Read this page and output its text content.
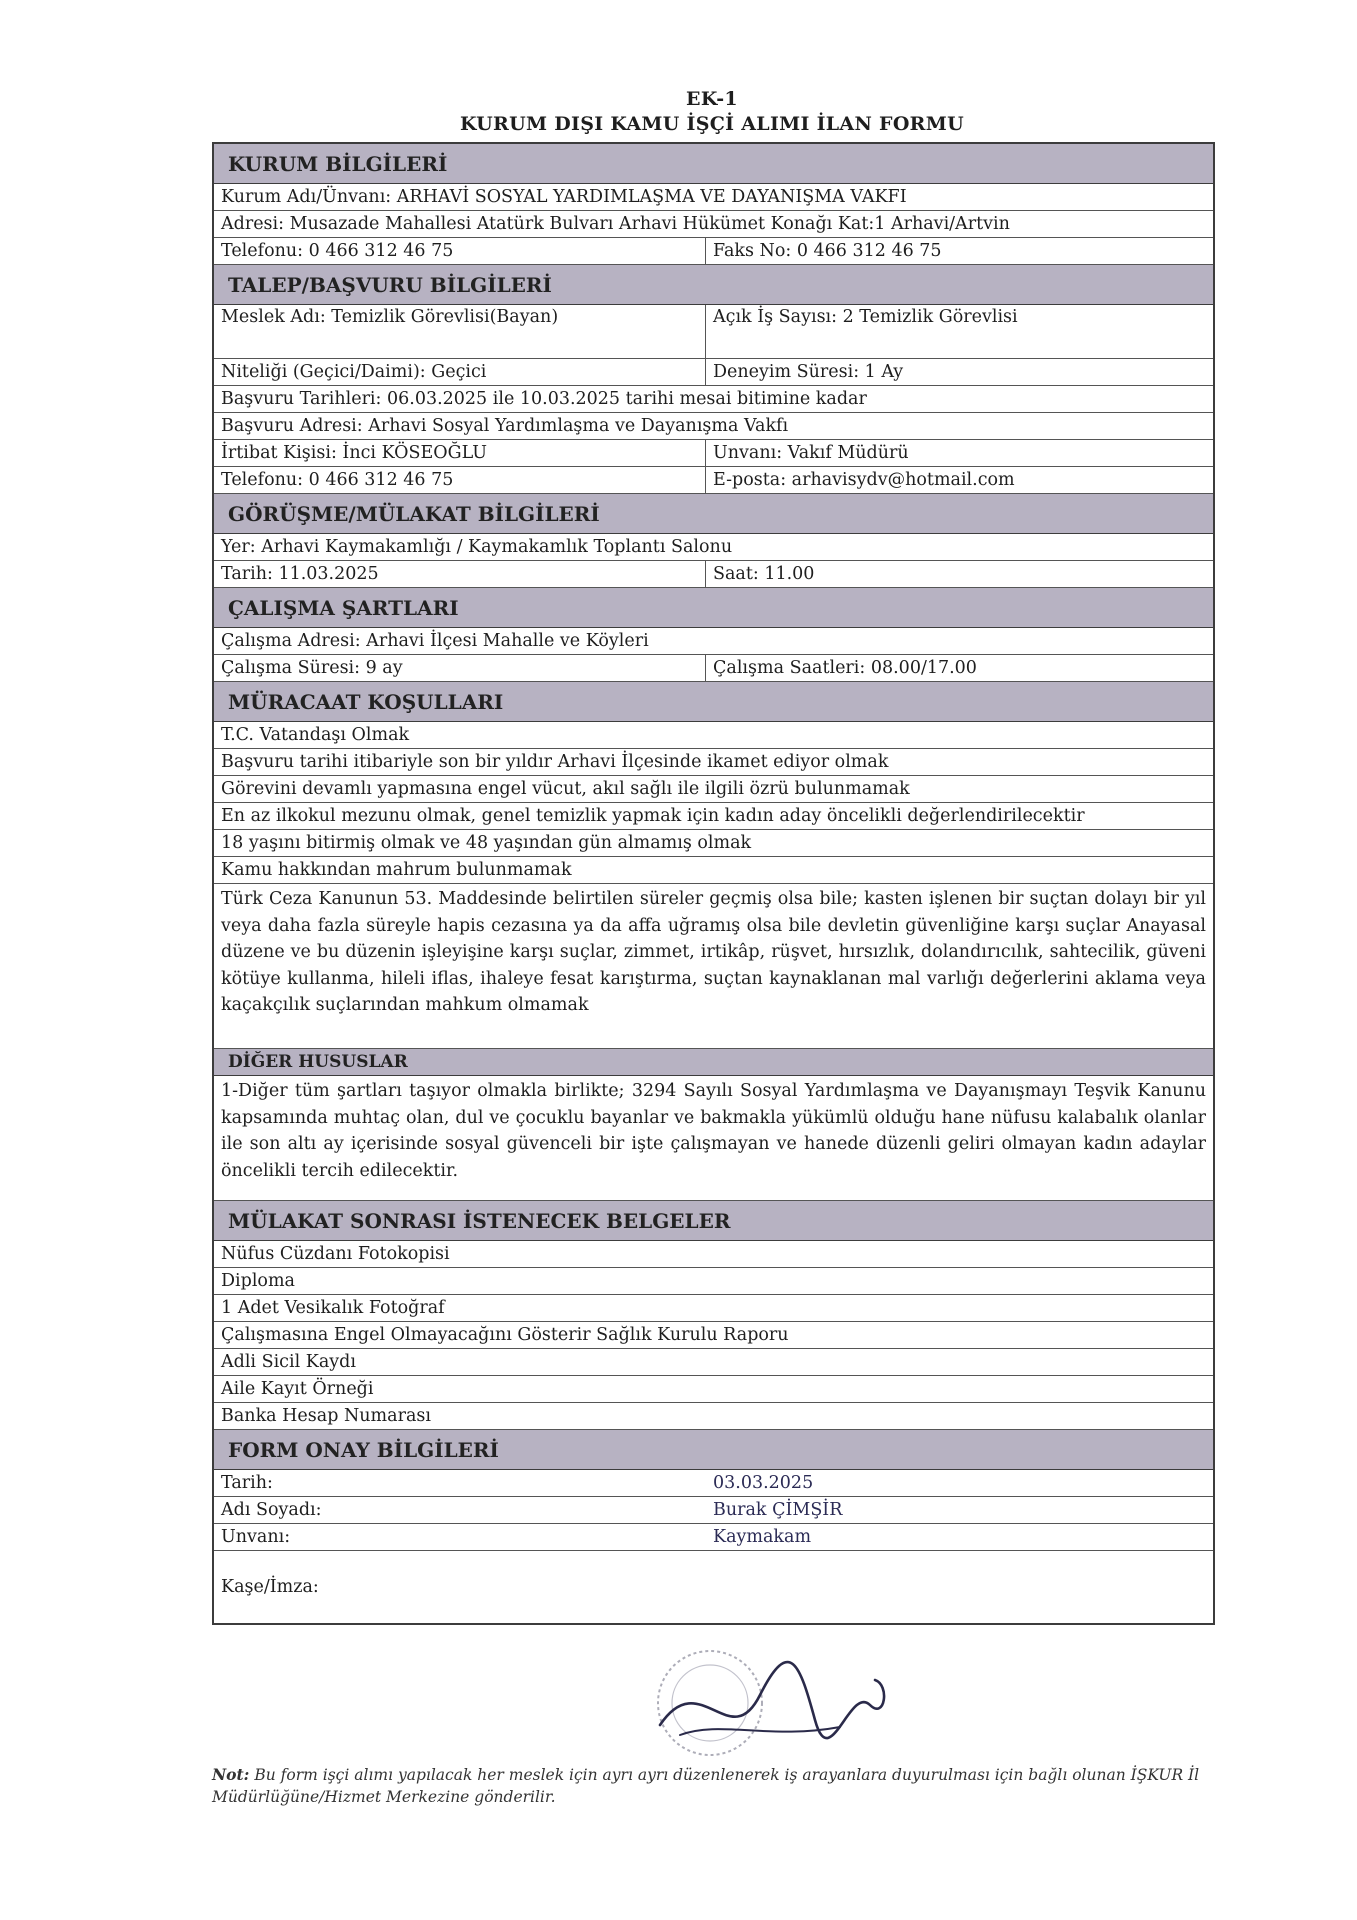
EK-1
KURUM DIŞI KAMU İŞÇİ ALIMI İLAN FORMU
KURUM BİLGİLERİ
Kurum Adı/Ünvanı: ARHAVİ SOSYAL YARDIMLAŞMA VE DAYANIŞMA VAKFI
Adresi: Musazade Mahallesi Atatürk Bulvarı Arhavi Hükümet Konağı Kat:1 Arhavi/Artvin
Telefonu: 0 466 312 46 75	Faks No: 0 466 312 46 75
TALEP/BAŞVURU BİLGİLERİ
Meslek Adı: Temizlik Görevlisi(Bayan)	Açık İş Sayısı: 2 Temizlik Görevlisi
Niteliği (Geçici/Daimi): Geçici	Deneyim Süresi: 1 Ay
Başvuru Tarihleri: 06.03.2025 ile 10.03.2025 tarihi mesai bitimine kadar
Başvuru Adresi: Arhavi Sosyal Yardımlaşma ve Dayanışma Vakfı
İrtibat Kişisi: İnci KÖSEOĞLU	Unvanı: Vakıf Müdürü
Telefonu: 0 466 312 46 75	E-posta: arhavisydv@hotmail.com
GÖRÜŞME/MÜLAKAT BİLGİLERİ
Yer: Arhavi Kaymakamlığı / Kaymakamlık Toplantı Salonu
Tarih: 11.03.2025	Saat: 11.00
ÇALIŞMA ŞARTLARI
Çalışma Adresi: Arhavi İlçesi Mahalle ve Köyleri
Çalışma Süresi: 9 ay	Çalışma Saatleri: 08.00/17.00
MÜRACAAT KOŞULLARI
T.C. Vatandaşı Olmak
Başvuru tarihi itibariyle son bir yıldır Arhavi İlçesinde ikamet ediyor olmak
Görevini devamlı yapmasına engel vücut, akıl sağlı ile ilgili özrü bulunmamak
En az ilkokul mezunu olmak, genel temizlik yapmak için kadın aday öncelikli değerlendirilecektir
18 yaşını bitirmiş olmak ve 48 yaşından gün almamış olmak
Kamu hakkından mahrum bulunmamak
Türk Ceza Kanunun 53. Maddesinde belirtilen süreler geçmiş olsa bile; kasten işlenen bir suçtan dolayı bir yıl veya daha fazla süreyle hapis cezasına ya da affa uğramış olsa bile devletin güvenliğine karşı suçlar Anayasal düzene ve bu düzenin işleyişine karşı suçlar, zimmet, irtikâp, rüşvet, hırsızlık, dolandırıcılık, sahtecilik, güveni kötüye kullanma, hileli iflas, ihaleye fesat karıştırma, suçtan kaynaklanan mal varlığı değerlerini aklama veya kaçakçılık suçlarından mahkum olmamak
DİĞER HUSUSLAR
1-Diğer tüm şartları taşıyor olmakla birlikte; 3294 Sayılı Sosyal Yardımlaşma ve Dayanışmayı Teşvik Kanunu kapsamında muhtaç olan, dul ve çocuklu bayanlar ve bakmakla yükümlü olduğu hane nüfusu kalabalık olanlar ile son altı ay içerisinde sosyal güvenceli bir işte çalışmayan ve hanede düzenli geliri olmayan kadın adaylar öncelikli tercih edilecektir.
MÜLAKAT SONRASI İSTENECEK BELGELER
Nüfus Cüzdanı Fotokopisi
Diploma
1 Adet Vesikalık Fotoğraf
Çalışmasına Engel Olmayacağını Gösterir Sağlık Kurulu Raporu
Adli Sicil Kaydı
Aile Kayıt Örneği
Banka Hesap Numarası
FORM ONAY BİLGİLERİ
Tarih:	03.03.2025
Adı Soyadı:	Burak ÇİMŞİR
Unvanı:	Kaymakam
Kaşe/İmza:
Not: Bu form işçi alımı yapılacak her meslek için ayrı ayrı düzenlenerek iş arayanlara duyurulması için bağlı olunan İŞKUR İl Müdürlüğüne/Hizmet Merkezine gönderilir.
